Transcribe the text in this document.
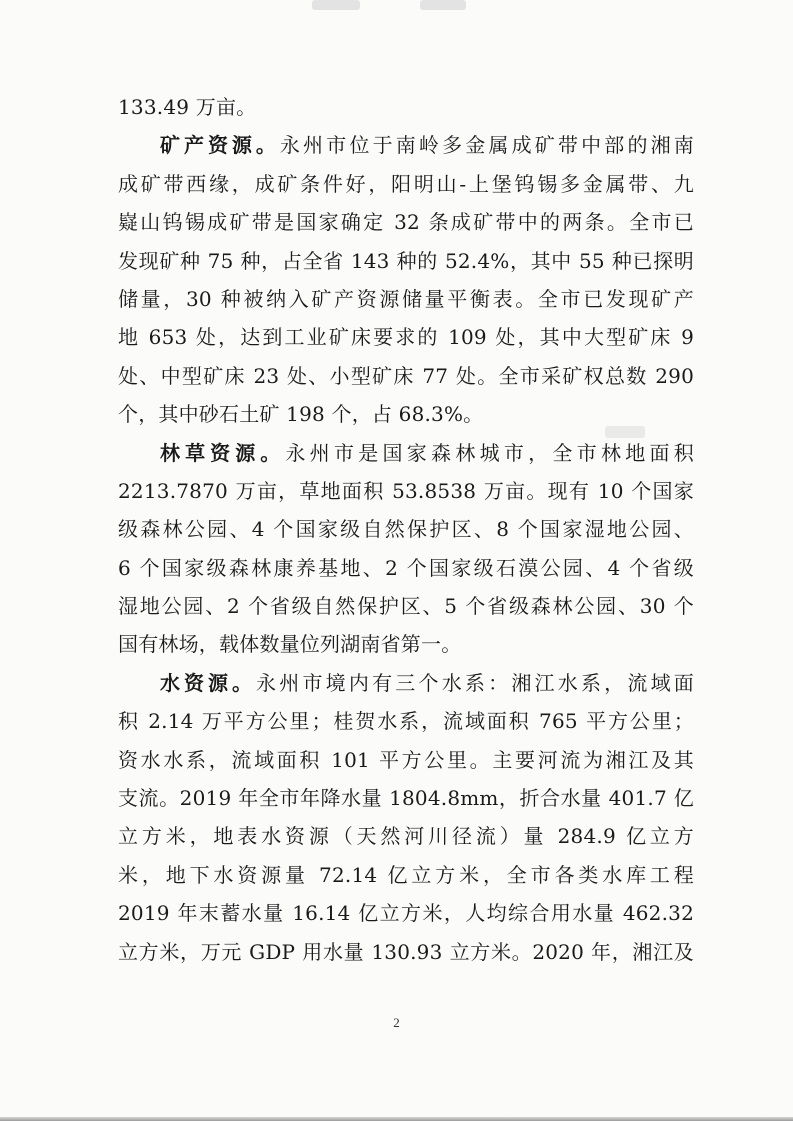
133.49 万亩。
矿产资源。永州市位于南岭多金属成矿带中部的湘南
成矿带西缘，成矿条件好，阳明山-上堡钨锡多金属带、九
嶷山钨锡成矿带是国家确定 32 条成矿带中的两条。全市已
发现矿种 75 种，占全省 143 种的 52.4%，其中 55 种已探明
储量，30 种被纳入矿产资源储量平衡表。全市已发现矿产
地 653 处，达到工业矿床要求的 109 处，其中大型矿床 9
处、中型矿床 23 处、小型矿床 77 处。全市采矿权总数 290
个，其中砂石土矿 198 个，占 68.3%。
林草资源。永州市是国家森林城市，全市林地面积
2213.7870 万亩，草地面积 53.8538 万亩。现有 10 个国家
级森林公园、4 个国家级自然保护区、8 个国家湿地公园、
6 个国家级森林康养基地、2 个国家级石漠公园、4 个省级
湿地公园、2 个省级自然保护区、5 个省级森林公园、30 个
国有林场，载体数量位列湖南省第一。
水资源。永州市境内有三个水系：湘江水系，流域面
积 2.14 万平方公里；桂贺水系，流域面积 765 平方公里；
资水水系，流域面积 101 平方公里。主要河流为湘江及其
支流。2019 年全市年降水量 1804.8mm，折合水量 401.7 亿
立方米，地表水资源（天然河川径流）量 284.9 亿立方
米，地下水资源量 72.14 亿立方米，全市各类水库工程
2019 年末蓄水量 16.14 亿立方米，人均综合用水量 462.32
立方米，万元 GDP 用水量 130.93 立方米。2020 年，湘江及
2
